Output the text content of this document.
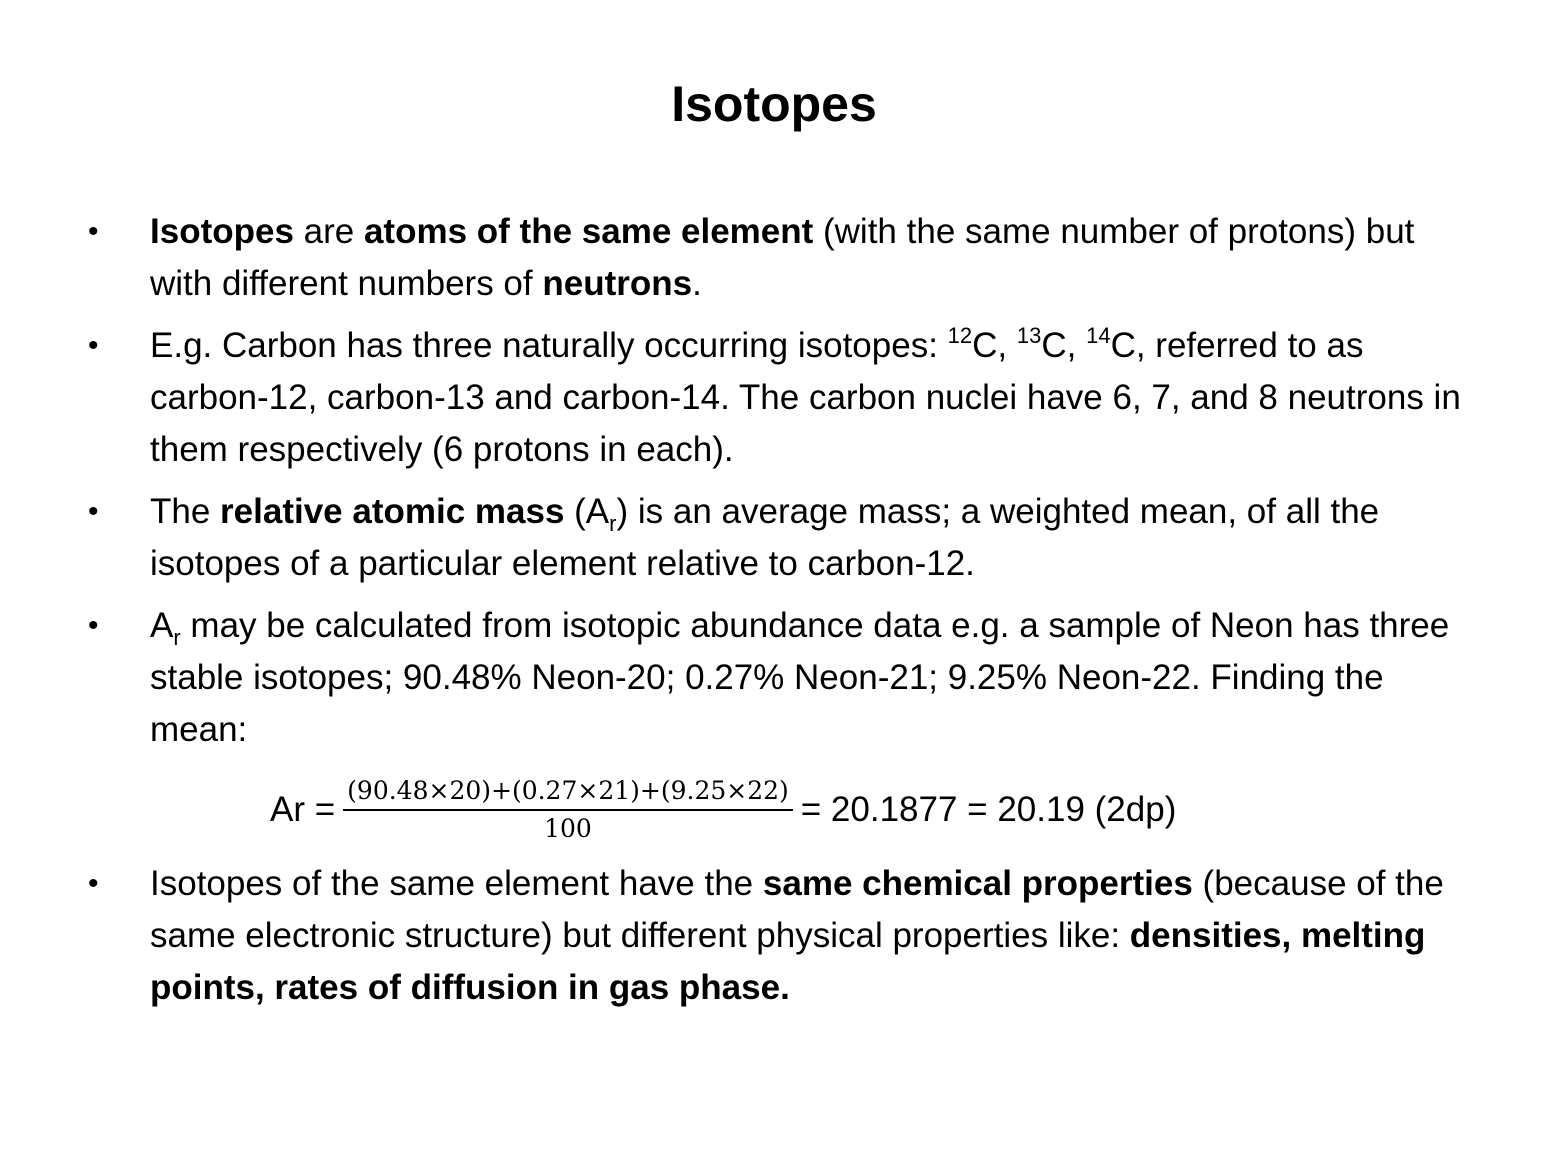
Isotopes
• Isotopes are atoms of the same element (with the same number of protons) but with different numbers of neutrons.
• E.g. Carbon has three naturally occurring isotopes: $^{12}$C, $^{13}$C, $^{14}$C, referred to as carbon-12, carbon-13 and carbon-14. The carbon nuclei have 6, 7, and 8 neutrons in them respectively (6 protons in each).
• The relative atomic mass $(A_r)$ is an average mass; a weighted mean, of all the isotopes of a particular element relative to carbon-12.
• $A_r$ may be calculated from isotopic abundance data e.g. a sample of Neon has three stable isotopes; 90.48% Neon-20; 0.27% Neon-21; 9.25% Neon-22. Finding the mean:
$Ar = \frac{(90.48\times 20)+(0.27\times 21)+(9.25\times 22)}{100} = 20.1877 = 20.19$ (2dp)
• Isotopes of the same element have the same chemical properties (because of the same electronic structure) but different physical properties like: densities, melting points, rates of diffusion in gas phase.
